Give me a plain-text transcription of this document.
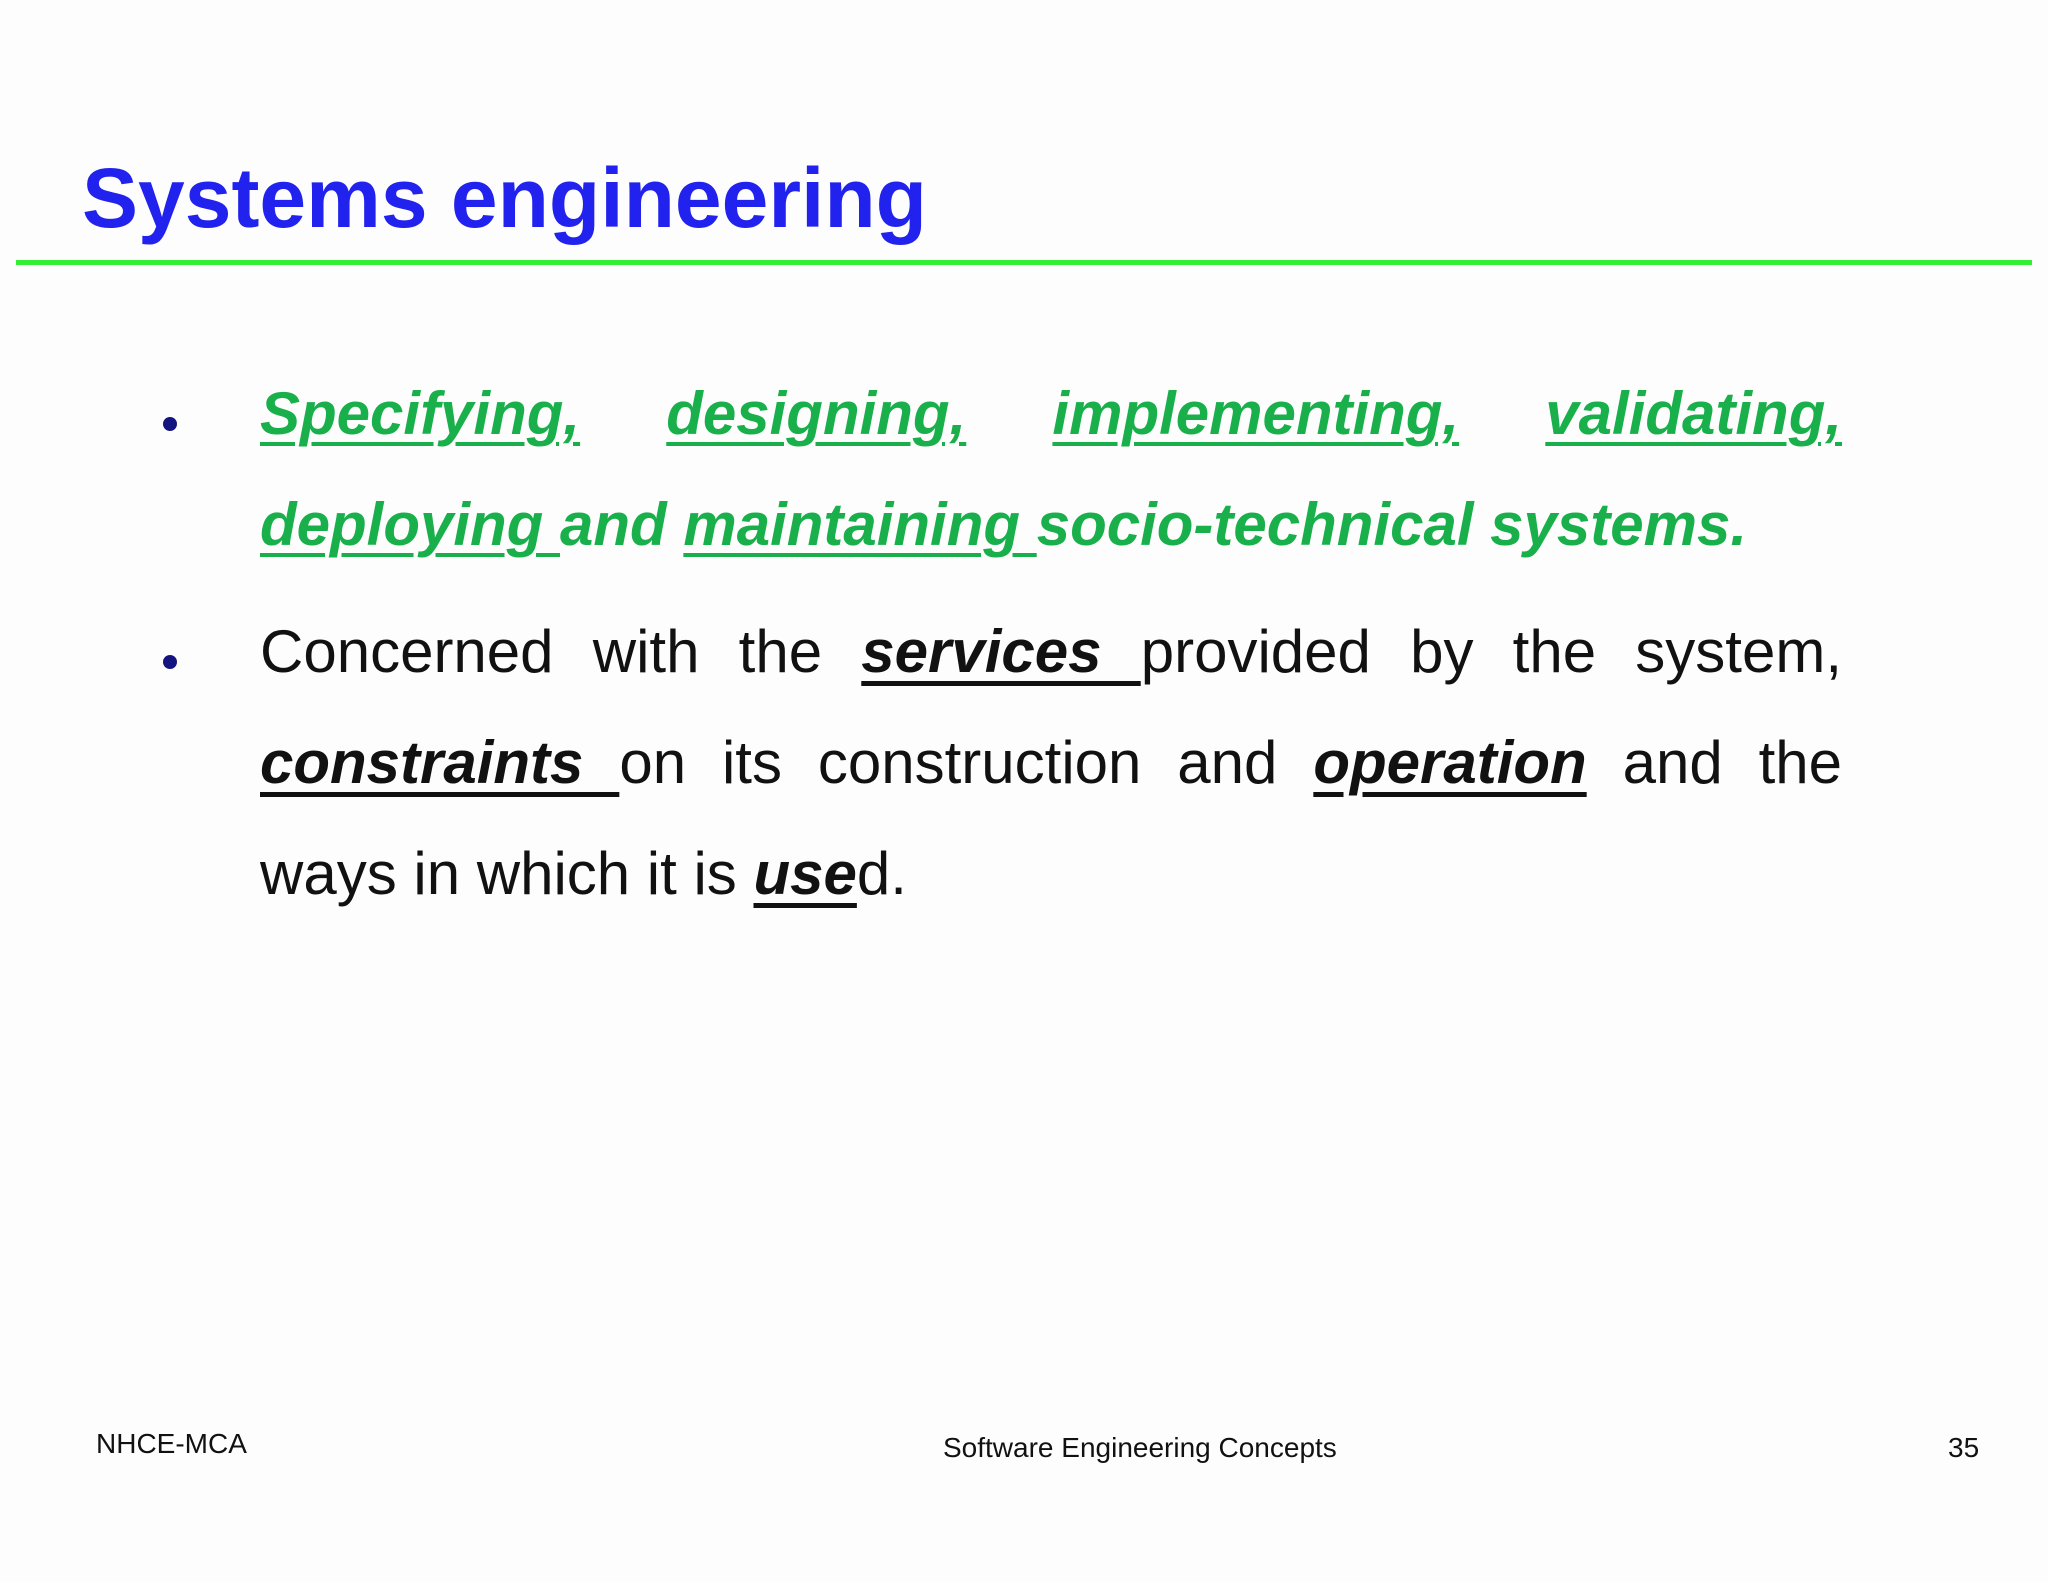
Systems engineering

Specifying, designing, implementing, validating, deploying and maintaining socio-technical systems.

Concerned with the services provided by the system, constraints on its construction and operation and the ways in which it is used.

NHCE-MCA	Software Engineering Concepts	35
